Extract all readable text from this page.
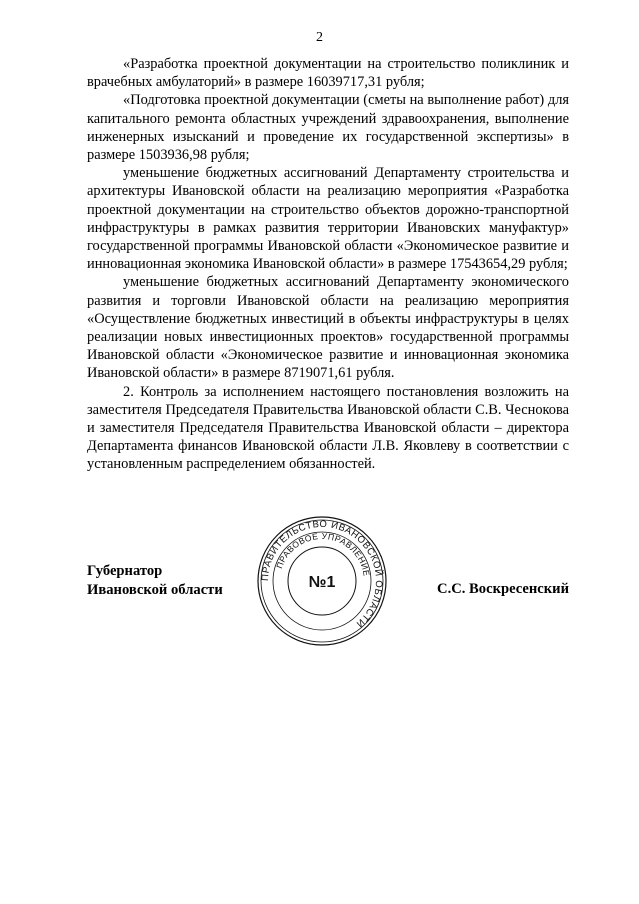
2

«Разработка проектной документации на строительство поликлиник и врачебных амбулаторий» в размере 16039717,31 рубля;

«Подготовка проектной документации (сметы на выполнение работ) для капитального ремонта областных учреждений здравоохранения, выполнение инженерных изысканий и проведение их государственной экспертизы» в размере 1503936,98 рубля;

уменьшение бюджетных ассигнований Департаменту строительства и архитектуры Ивановской области на реализацию мероприятия «Разработка проектной документации на строительство объектов дорожно-транспортной инфраструктуры в рамках развития территории Ивановских мануфактур» государственной программы Ивановской области «Экономическое развитие и инновационная экономика Ивановской области» в размере 17543654,29 рубля;

уменьшение бюджетных ассигнований Департаменту экономического развития и торговли Ивановской области на реализацию мероприятия «Осуществление бюджетных инвестиций в объекты инфраструктуры в целях реализации новых инвестиционных проектов» государственной программы Ивановской области «Экономическое развитие и инновационная экономика Ивановской области» в размере 8719071,61 рубля.

2. Контроль за исполнением настоящего постановления возложить на заместителя Председателя Правительства Ивановской области С.В. Чеснокова и заместителя Председателя Правительства Ивановской области – директора Департамента финансов Ивановской области Л.В. Яковлеву в соответствии с установленным распределением обязанностей.

Губернатор
Ивановской области	С.С. Воскресенский
ПРАВИТЕЛЬСТВО ИВАНОВСКОЙ ОБЛАСТИ
ПРАВОВОЕ УПРАВЛЕНИЕ
№1
